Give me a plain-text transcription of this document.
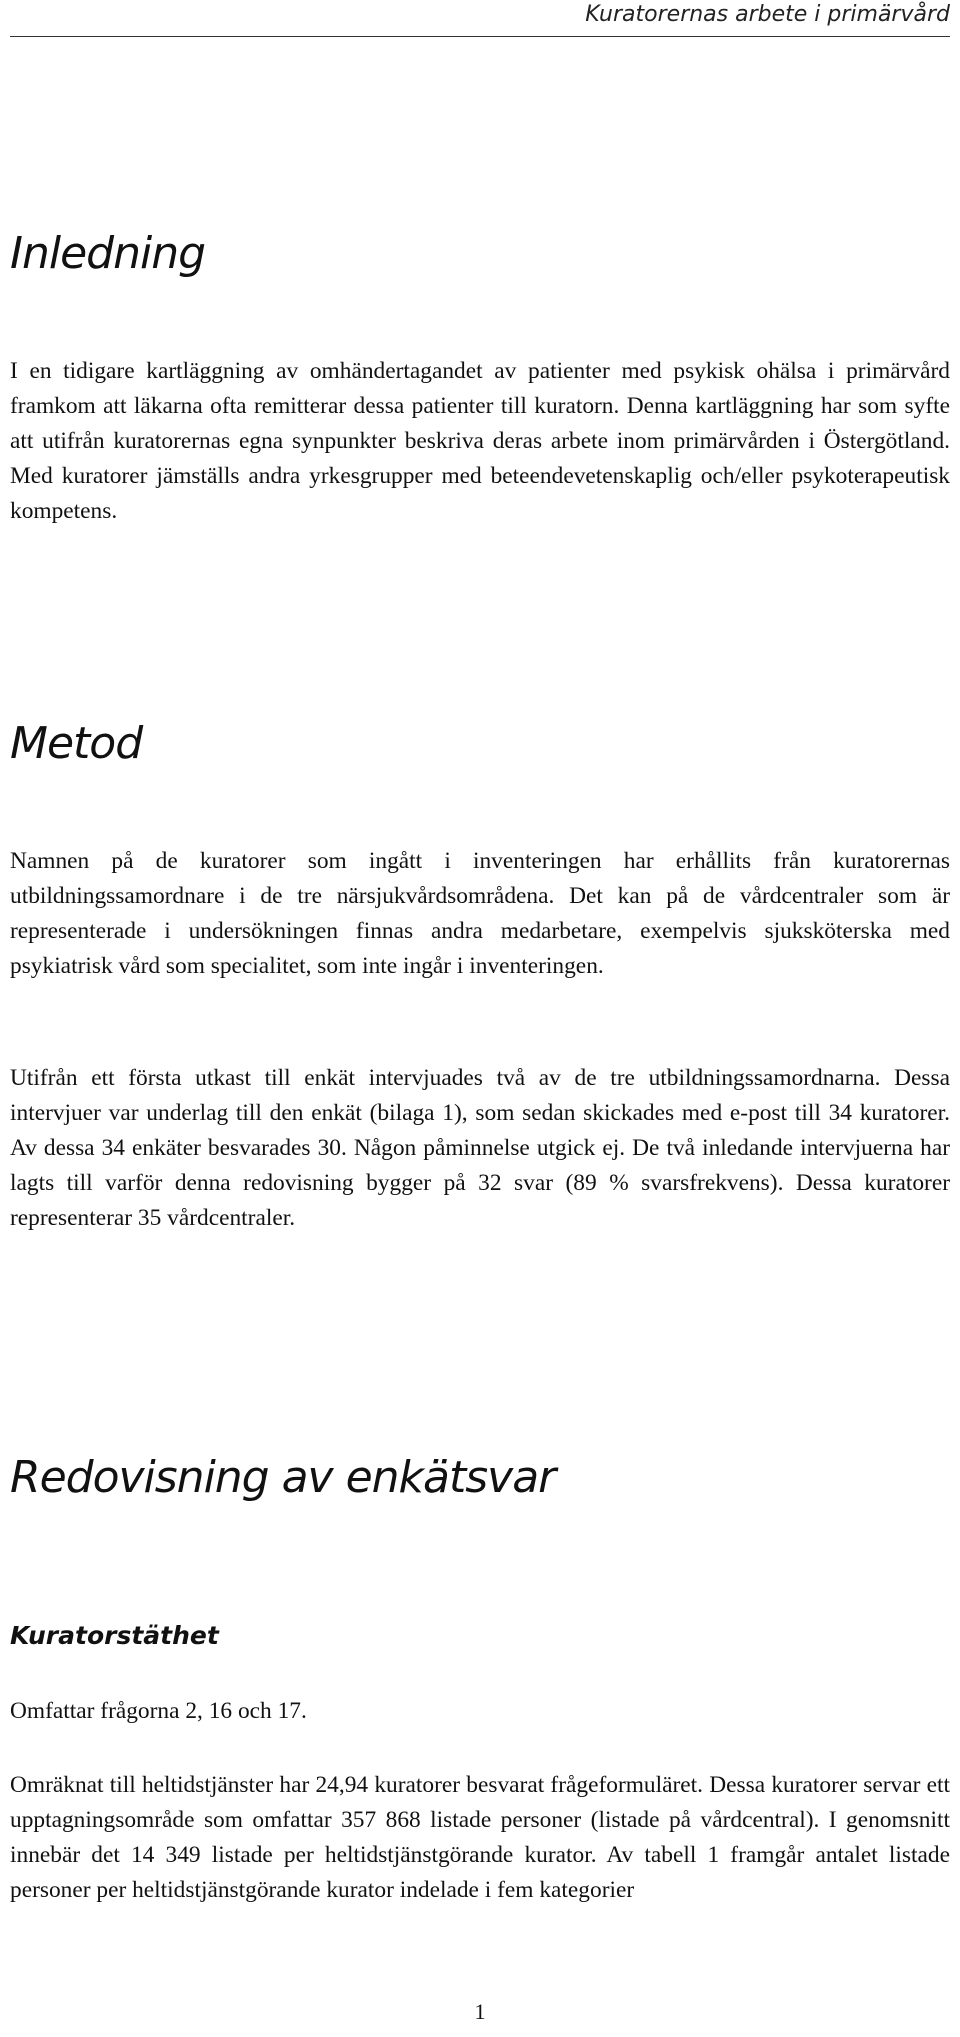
Kuratorernas arbete i primärvård
Inledning

I en tidigare kartläggning av omhändertagandet av patienter med psykisk ohälsa i primärvård framkom att läkarna ofta remitterar dessa patienter till kuratorn. Denna kartläggning har som syfte att utifrån kuratorernas egna synpunkter beskriva deras arbete inom primärvården i Östergötland. Med kuratorer jämställs andra yrkesgrupper med beteendevetenskaplig och/eller psykoterapeutisk kompetens.

Metod

Namnen på de kuratorer som ingått i inventeringen har erhållits från kuratorernas utbildningssamordnare i de tre närsjukvårdsområdena. Det kan på de vårdcentraler som är representerade i undersökningen finnas andra medarbetare, exempelvis sjuksköterska med psykiatrisk vård som specialitet, som inte ingår i inventeringen.

Utifrån ett första utkast till enkät intervjuades två av de tre utbildningssamordnarna. Dessa intervjuer var underlag till den enkät (bilaga 1), som sedan skickades med e-post till 34 kuratorer. Av dessa 34 enkäter besvarades 30. Någon påminnelse utgick ej. De två inledande intervjuerna har lagts till varför denna redovisning bygger på 32 svar (89 % svarsfrekvens). Dessa kuratorer representerar 35 vårdcentraler.

Redovisning av enkätsvar
Kuratorstäthet

Omfattar frågorna 2, 16 och 17.

Omräknat till heltidstjänster har 24,94 kuratorer besvarat frågeformuläret. Dessa kuratorer servar ett upptagningsområde som omfattar 357 868 listade personer (listade på vårdcentral). I genomsnitt innebär det 14 349 listade per heltidstjänstgörande kurator. Av tabell 1 framgår antalet listade personer per heltidstjänstgörande kurator indelade i fem kategorier

1
